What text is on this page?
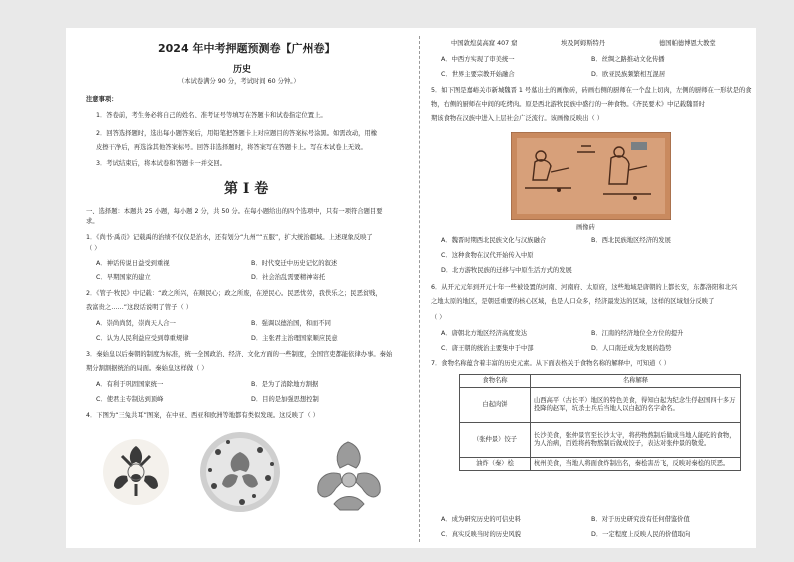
2024 年中考押题预测卷【广州卷】
历史
（本试卷满分 90 分，考试时间 60 分钟。）
注意事项：
1．答卷前，考生务必将自己的姓名、准考证号等填写在答题卡和试卷指定位置上。
2．回答选择题时，选出每小题答案后，用铅笔把答题卡上对应题目的答案标号涂黑。如需改动，用橡
皮擦干净后，再选涂其他答案标号。回答非选择题时，将答案写在答题卡上。写在本试卷上无效。
3．考试结束后，将本试卷和答题卡一并交回。
第 I 卷
一、选择题：本题共 25 小题，每小题 2 分，共 50 分。在每小题给出的四个选项中，只有一项符合题目要
求。
1．《尚书·禹贡》记载禹的治绩不仅仅是治水，还有划分“九州”“五服”，扩大统治疆域。上述现象反映了
（ ）
A．神话传说日益受到重视	B．时代变迁中历史记忆的叙述
C．早期国家的建立	D．社会治乱需要精神寄托
2．《管子·牧民》中记载：“政之所兴，在顺民心；政之所废，在逆民心。民恶忧劳，我佚乐之；民恶贫贱，
我富贵之……”这段话说明了管子（ ）
A．崇尚尚贤，崇尚天人合一	B．强调以德治国，和而不同
C．认为人民利益应受到尊重规律	D．主张君主治理国家顺应民意
3．秦始皇以后秦朝的制度为标准，统一全国政治、经济、文化方面的一些制度，全国官吏都能依律办事。秦始
期分割割据统治的局面。秦始皇这样做（ ）
A．有利于巩固国家统一	B．是为了消除地方割据
C．使君主专制达到顶峰	D．目的是加强思想控制
4．下图为“三兔共耳”图案，在中亚、西亚和欧洲等地都有类似发现。这反映了（ ）
中国敦煌莫高窟 407 窟	埃及阿姆斯特丹	德国帕德博恩大教堂
A．中西方实现了审美统一	B．丝绸之路推动文化传播
C．世界主要宗教开始融合	D．欧亚民族频繁相互混居
5．如下图是嘉峪关市新城魏晋 1 号墓出土的画像砖，砖画右侧的厨师在一个盘上切肉，左侧的厨师在一形状是的食
物，右侧的厨师在中间的吃烤肉。原是西北游牧民族中盛行的一种食物。《齐民要术》中记载魏晋时
期该食物在汉族中进入上层社会广泛流行。该画像反映出（ ）
画像砖
A．魏晋时期西北民族文化与汉族融合	B．西北民族地区经济的发展
C．这种食物在汉代开始传入中原
D．北方游牧民族的迁移与中原生活方式的发展
6．从开元元年到开元十年一些被设置的河南、河南府、太原府，这些地域是唐朝的上都长安，东都洛阳和北兴
之地太原的地区，是朝廷重要的核心区域，也是人口众多，经济最发达的区域，这样的区域划分反映了
（ ）
A．唐朝北方地区经济高度发达	B．江南的经济地位全方位的提升
C．唐王朝的统治主要集中于中部	D．人口南迁成为发展的趋势
7．食物名称蕴含着丰富的历史元素。从下面表格关于食物名称的解释中，可知道（ ）
食物名称	名称解释
白起肉饼	山西高平（古长平）地区的特色美食，得知白起为纪念生俘赵国四十多万投降的赵军，坑杀士兵后当地人以白起的名字命名。
（张仲景）饺子	长沙美食，张仲景官至长沙太守，将药物熬制后做成当地人能吃的食物，为人治病，百姓将药物熬制后做成饺子，表达对张仲景的敬爱。
油炸（秦）桧	杭州美食，当地人将面食炸制出名，秦桧害岳飞，反映对秦桧的厌恶。
A．成为研究历史的可信史料	B．对于历史研究没有任何借鉴价值
C．真实反映当时的历史风貌	D．一定程度上反映人民的价值取向
